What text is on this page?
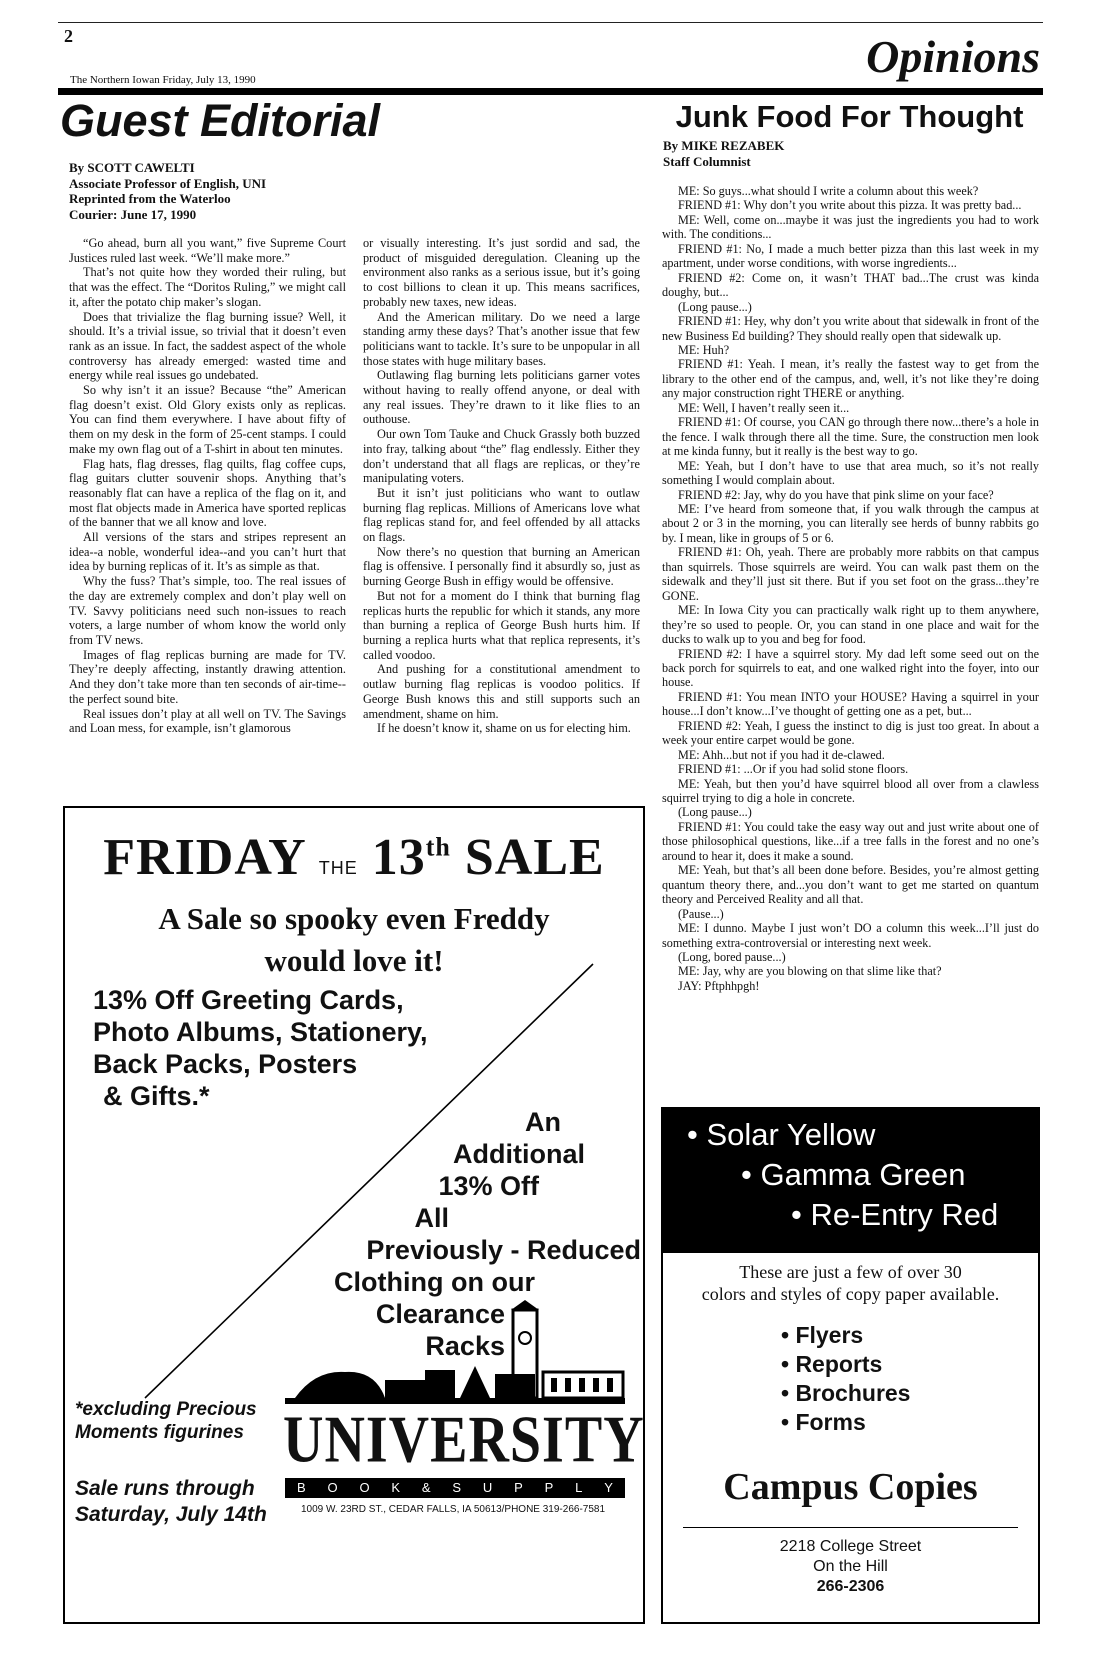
2
The Northern Iowan Friday, July 13, 1990	Opinions
Guest Editorial
By SCOTT CAWELTI
Associate Professor of English, UNI
Reprinted from the Waterloo
Courier: June 17, 1990

“Go ahead, burn all you want,” five Supreme Court Justices ruled last week. “We’ll make more.”

That’s not quite how they worded their ruling, but that was the effect. The “Doritos Ruling,” we might call it, after the potato chip maker’s slogan.

Does that trivialize the flag burning issue? Well, it should. It’s a trivial issue, so trivial that it doesn’t even rank as an issue. In fact, the saddest aspect of the whole controversy has already emerged: wasted time and energy while real issues go undebated.

So why isn’t it an issue? Because “the” American flag doesn’t exist. Old Glory exists only as replicas. You can find them everywhere. I have about fifty of them on my desk in the form of 25-cent stamps. I could make my own flag out of a T-shirt in about ten minutes.

Flag hats, flag dresses, flag quilts, flag coffee cups, flag guitars clutter souvenir shops. Anything that’s reasonably flat can have a replica of the flag on it, and most flat objects made in America have sported replicas of the banner that we all know and love.

All versions of the stars and stripes represent an idea--a noble, wonderful idea--and you can’t hurt that idea by burning replicas of it. It’s as simple as that.

Why the fuss? That’s simple, too. The real issues of the day are extremely complex and don’t play well on TV. Savvy politicians need such non-issues to reach voters, a large number of whom know the world only from TV news.

Images of flag replicas burning are made for TV. They’re deeply affecting, instantly drawing attention. And they don’t take more than ten seconds of air-time--the perfect sound bite.

Real issues don’t play at all well on TV. The Savings and Loan mess, for example, isn’t glamorous

or visually interesting. It’s just sordid and sad, the product of misguided deregulation. Cleaning up the environment also ranks as a serious issue, but it’s going to cost billions to clean it up. This means sacrifices, probably new taxes, new ideas.

And the American military. Do we need a large standing army these days? That’s another issue that few politicians want to tackle. It’s sure to be unpopular in all those states with huge military bases.

Outlawing flag burning lets politicians garner votes without having to really offend anyone, or deal with any real issues. They’re drawn to it like flies to an outhouse.

Our own Tom Tauke and Chuck Grassly both buzzed into fray, talking about “the” flag endlessly. Either they don’t understand that all flags are replicas, or they’re manipulating voters.

But it isn’t just politicians who want to outlaw burning flag replicas. Millions of Americans love what flag replicas stand for, and feel offended by all attacks on flags.

Now there’s no question that burning an American flag is offensive. I personally find it absurdly so, just as burning George Bush in effigy would be offensive.

But not for a moment do I think that burning flag replicas hurts the republic for which it stands, any more than burning a replica of George Bush hurts him. If burning a replica hurts what that replica represents, it’s called voodoo.

And pushing for a constitutional amendment to outlaw burning flag replicas is voodoo politics. If George Bush knows this and still supports such an amendment, shame on him.

If he doesn’t know it, shame on us for electing him.

Junk Food For Thought
By MIKE REZABEK
Staff Columnist

ME: So guys...what should I write a column about this week?

FRIEND #1: Why don’t you write about this pizza. It was pretty bad...

ME: Well, come on...maybe it was just the ingredients you had to work with. The conditions...

FRIEND #1: No, I made a much better pizza than this last week in my apartment, under worse conditions, with worse ingredients...

FRIEND #2: Come on, it wasn’t THAT bad...The crust was kinda doughy, but...

(Long pause...)

FRIEND #1: Hey, why don’t you write about that sidewalk in front of the new Business Ed building? They should really open that sidewalk up.

ME: Huh?

FRIEND #1: Yeah. I mean, it’s really the fastest way to get from the library to the other end of the campus, and, well, it’s not like they’re doing any major construction right THERE or anything.

ME: Well, I haven’t really seen it...

FRIEND #1: Of course, you CAN go through there now...there’s a hole in the fence. I walk through there all the time. Sure, the construction men look at me kinda funny, but it really is the best way to go.

ME: Yeah, but I don’t have to use that area much, so it’s not really something I would complain about.

FRIEND #2: Jay, why do you have that pink slime on your face?

ME: I’ve heard from someone that, if you walk through the campus at about 2 or 3 in the morning, you can literally see herds of bunny rabbits go by. I mean, like in groups of 5 or 6.

FRIEND #1: Oh, yeah. There are probably more rabbits on that campus than squirrels. Those squirrels are weird. You can walk past them on the sidewalk and they’ll just sit there. But if you set foot on the grass...they’re GONE.

ME: In Iowa City you can practically walk right up to them anywhere, they’re so used to people. Or, you can stand in one place and wait for the ducks to walk up to you and beg for food.

FRIEND #2: I have a squirrel story. My dad left some seed out on the back porch for squirrels to eat, and one walked right into the foyer, into our house.

FRIEND #1: You mean INTO your HOUSE? Having a squirrel in your house...I don’t know...I’ve thought of getting one as a pet, but...

FRIEND #2: Yeah, I guess the instinct to dig is just too great. In about a week your entire carpet would be gone.

ME: Ahh...but not if you had it de-clawed.

FRIEND #1: ...Or if you had solid stone floors.

ME: Yeah, but then you’d have squirrel blood all over from a clawless squirrel trying to dig a hole in concrete.

(Long pause...)

FRIEND #1: You could take the easy way out and just write about one of those philosophical questions, like...if a tree falls in the forest and no one’s around to hear it, does it make a sound.

ME: Yeah, but that’s all been done before. Besides, you’re almost getting quantum theory there, and...you don’t want to get me started on quantum theory and Perceived Reality and all that.

(Pause...)

ME: I dunno. Maybe I just won’t DO a column this week...I’ll just do something extra-controversial or interesting next week.

(Long, bored pause...)

ME: Jay, why are you blowing on that slime like that?

JAY: Pftphhpgh!

FRIDAY THE 13th SALE
A Sale so spooky even Freddy
would love it!
13% Off Greeting Cards,
Photo Albums, Stationery,
Back Packs, Posters
& Gifts.*
An
Additional
13% Off
All
Previously - Reduced
Clothing on our
Clearance Racks
UNIVERSITY
B O O K & S U P P L Y
1009 W. 23RD ST., CEDAR FALLS, IA 50613/PHONE 319-266-7581
*excluding Precious
Moments figurines
Sale runs through
Saturday, July 14th
• Solar Yellow
• Gamma Green
• Re-Entry Red
These are just a few of over 30
colors and styles of copy paper available.
• Flyers
• Reports
• Brochures
• Forms
Campus Copies
2218 College Street
On the Hill
266-2306
